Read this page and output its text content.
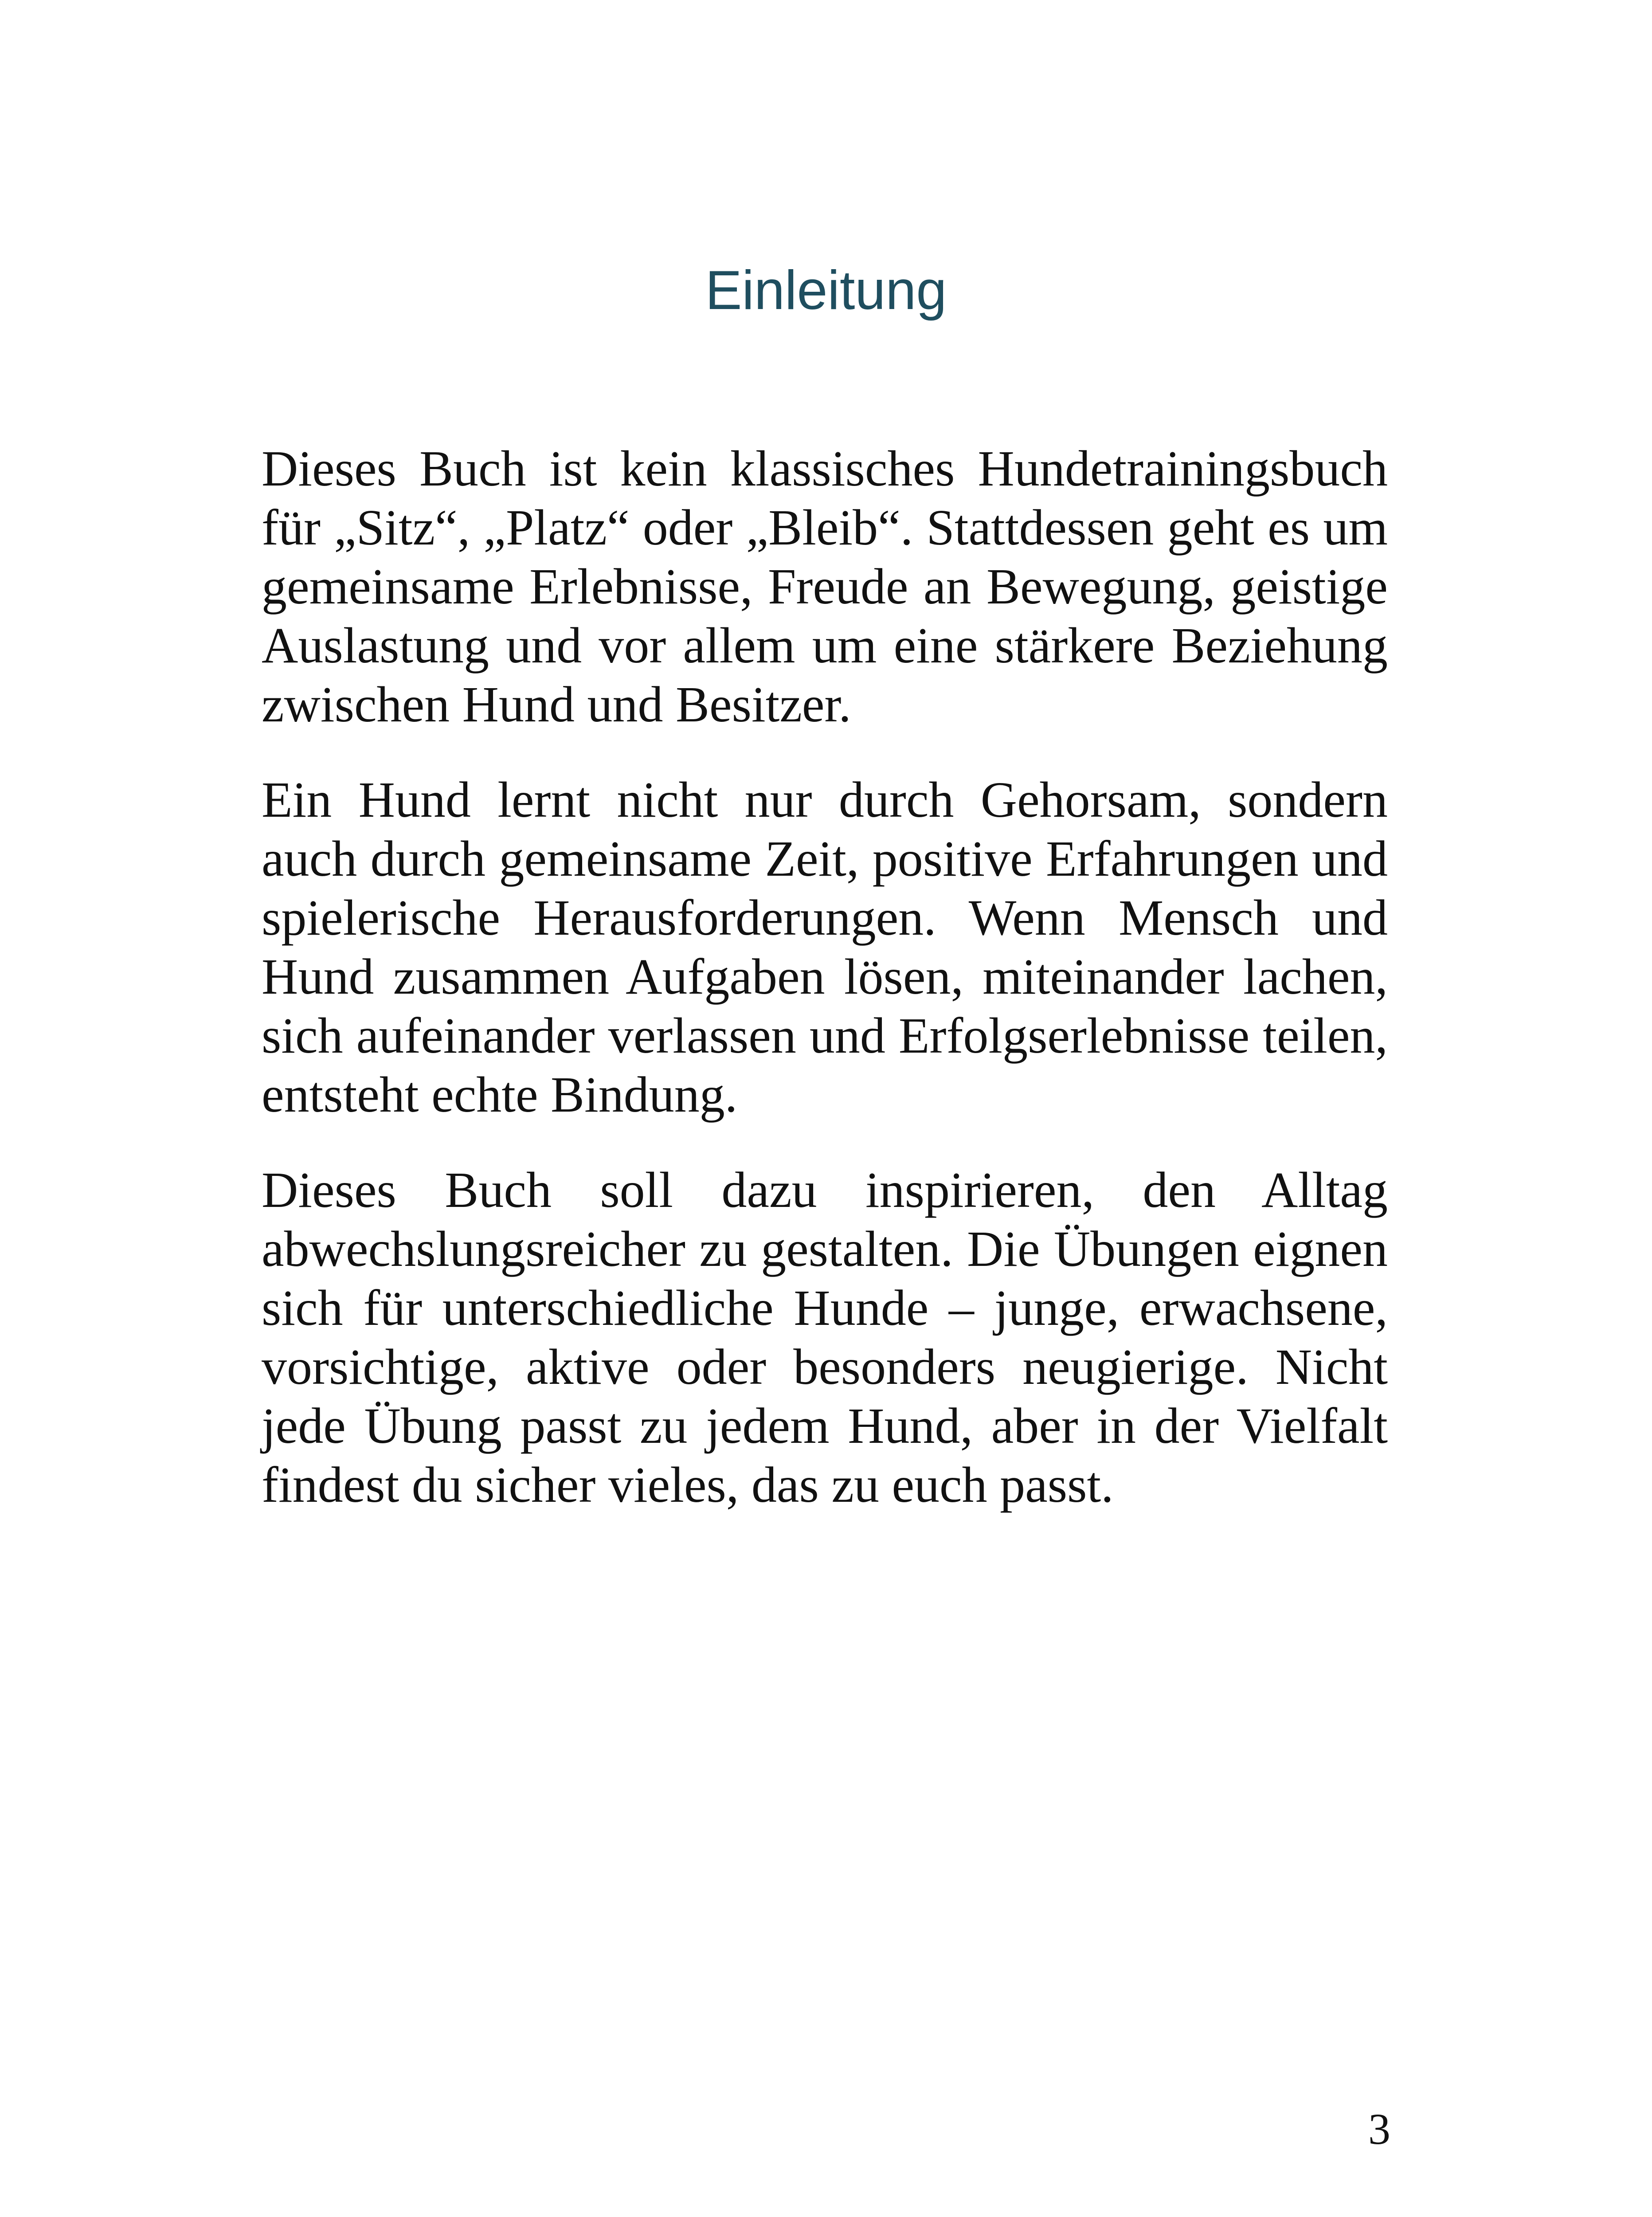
Einleitung

Dieses Buch ist kein klassisches Hundetrainingsbuch für „Sitz“, „Platz“ oder „Bleib“. Stattdessen geht es um gemeinsame Erlebnisse, Freude an Bewegung, geistige Auslastung und vor allem um eine stärkere Beziehung zwischen Hund und Besitzer.

Ein Hund lernt nicht nur durch Gehorsam, sondern auch durch gemeinsame Zeit, positive Erfahrungen und spielerische Herausforderungen. Wenn Mensch und Hund zusammen Aufgaben lösen, miteinander lachen, sich aufeinander verlassen und Erfolgserlebnisse teilen, entsteht echte Bindung.

Dieses Buch soll dazu inspirieren, den Alltag abwechslungsreicher zu gestalten. Die Übungen eignen sich für unterschiedliche Hunde – junge, erwachsene, vorsichtige, aktive oder besonders neugierige. Nicht jede Übung passt zu jedem Hund, aber in der Vielfalt findest du sicher vieles, das zu euch passt.

3
